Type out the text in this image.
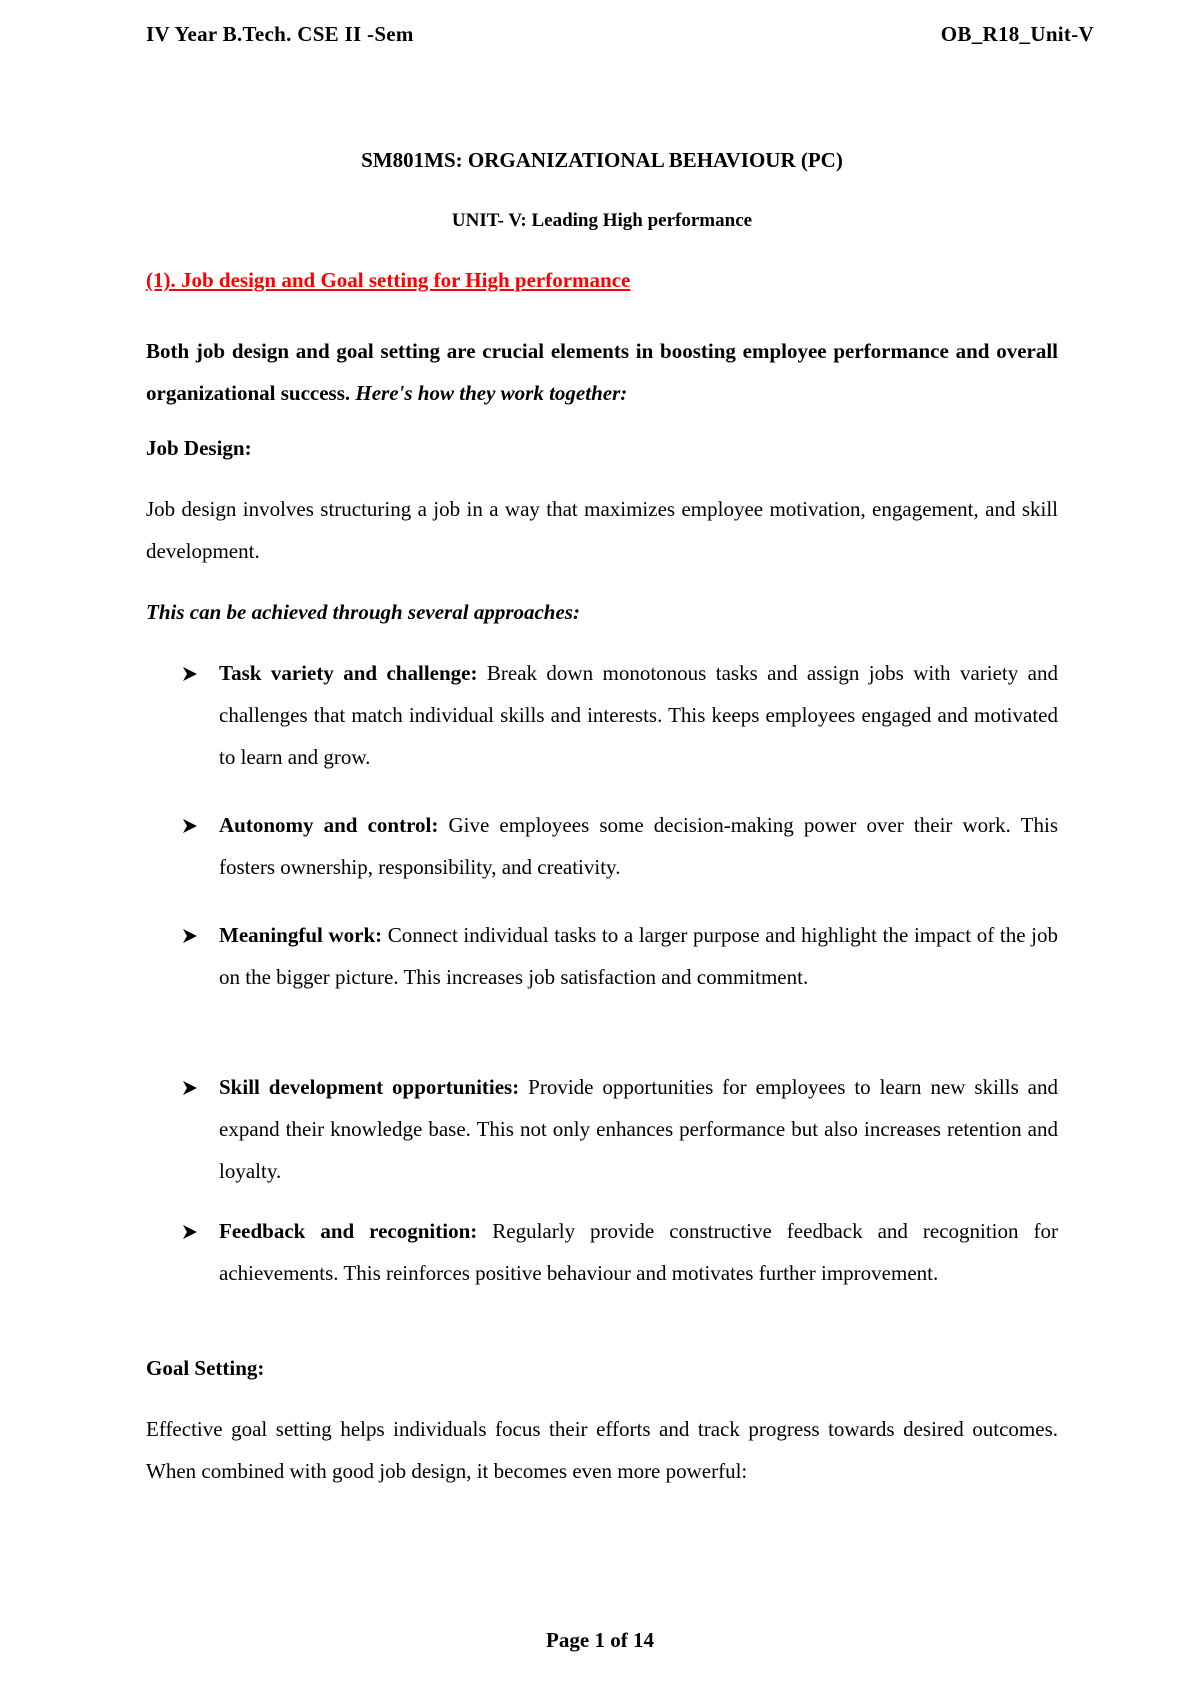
IV Year B.Tech. CSE II -Sem	OB_R18_Unit-V
SM801MS: ORGANIZATIONAL BEHAVIOUR (PC)
UNIT- V: Leading High performance
(1). Job design and Goal setting for High performance
Both job design and goal setting are crucial elements in boosting employee performance and overall organizational success. Here's how they work together:
Job Design:
Job design involves structuring a job in a way that maximizes employee motivation, engagement, and skill development.
This can be achieved through several approaches:
Task variety and challenge: Break down monotonous tasks and assign jobs with variety and challenges that match individual skills and interests. This keeps employees engaged and motivated to learn and grow.
Autonomy and control: Give employees some decision-making power over their work. This fosters ownership, responsibility, and creativity.
Meaningful work: Connect individual tasks to a larger purpose and highlight the impact of the job on the bigger picture. This increases job satisfaction and commitment.
Skill development opportunities: Provide opportunities for employees to learn new skills and expand their knowledge base. This not only enhances performance but also increases retention and loyalty.
Feedback and recognition: Regularly provide constructive feedback and recognition for achievements. This reinforces positive behaviour and motivates further improvement.
Goal Setting:
Effective goal setting helps individuals focus their efforts and track progress towards desired outcomes. When combined with good job design, it becomes even more powerful:
Page 1 of 14
